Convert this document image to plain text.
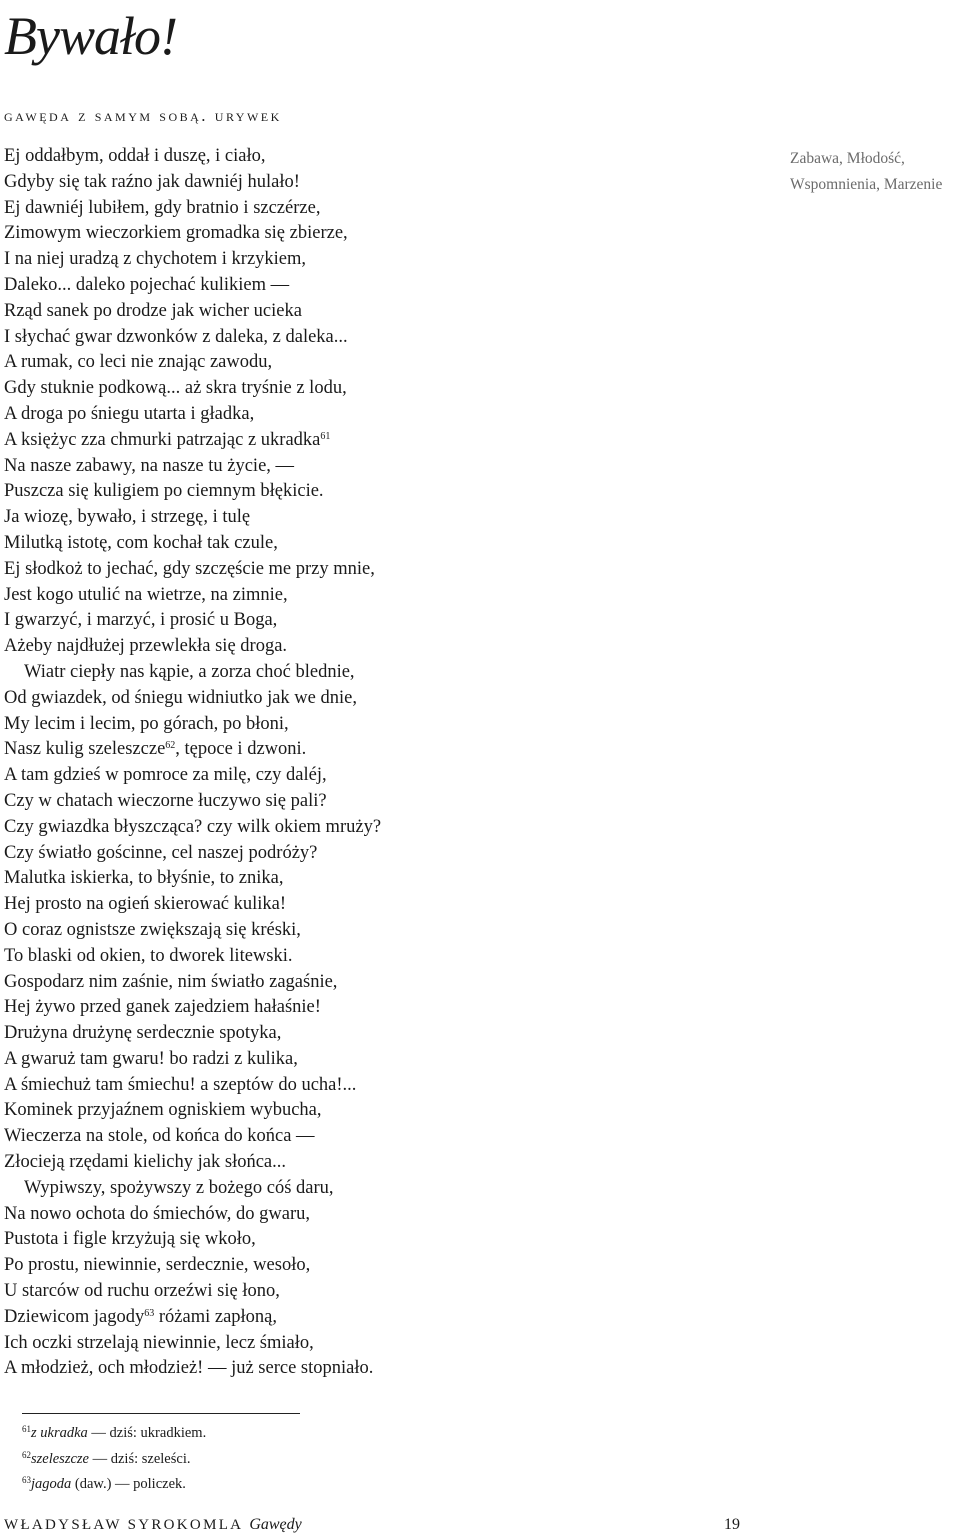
Bywało!
gawęda z samym sobą. urywek
Zabawa, Młodość,
Wspomnienia, Marzenie
Ej oddałbym, oddał i duszę, i ciało,
Gdyby się tak raźno jak dawniéj hulało!
Ej dawniéj lubiłem, gdy bratnio i szczérze,
Zimowym wieczorkiem gromadka się zbierze,
I na niej uradzą z chychotem i krzykiem,
Daleko... daleko pojechać kulikiem —
Rząd sanek po drodze jak wicher ucieka
I słychać gwar dzwonków z daleka, z daleka...
A rumak, co leci nie znając zawodu,
Gdy stuknie podkową... aż skra tryśnie z lodu,
A droga po śniegu utarta i gładka,
A księżyc zza chmurki patrzając z ukradka$^{61}$
Na nasze zabawy, na nasze tu życie, —
Puszcza się kuligiem po ciemnym błękicie.
Ja wiozę, bywało, i strzegę, i tulę
Milutką istotę, com kochał tak czule,
Ej słodkoż to jechać, gdy szczęście me przy mnie,
Jest kogo utulić na wietrze, na zimnie,
I gwarzyć, i marzyć, i prosić u Boga,
Ażeby najdłużej przewlekła się droga.
Wiatr ciepły nas kąpie, a zorza choć blednie,
Od gwiazdek, od śniegu widniutko jak we dnie,
My lecim i lecim, po górach, po błoni,
Nasz kulig szeleszcze$^{62}$, tępoce i dzwoni.
A tam gdzieś w pomroce za milę, czy daléj,
Czy w chatach wieczorne łuczywo się pali?
Czy gwiazdka błyszcząca? czy wilk okiem mruży?
Czy światło gościnne, cel naszej podróży?
Malutka iskierka, to błyśnie, to znika,
Hej prosto na ogień skierować kulika!
O coraz ognistsze zwiększają się kréski,
To blaski od okien, to dworek litewski.
Gospodarz nim zaśnie, nim światło zagaśnie,
Hej żywo przed ganek zajedziem hałaśnie!
Drużyna drużynę serdecznie spotyka,
A gwaruż tam gwaru! bo radzi z kulika,
A śmiechuż tam śmiechu! a szeptów do ucha!...
Kominek przyjaźnem ogniskiem wybucha,
Wieczerza na stole, od końca do końca —
Złocieją rzędami kielichy jak słońca...
Wypiwszy, spożywszy z bożego cóś daru,
Na nowo ochota do śmiechów, do gwaru,
Pustota i figle krzyżują się wkoło,
Po prostu, niewinnie, serdecznie, wesoło,
U starców od ruchu orzeźwi się łono,
Dziewicom jagody$^{63}$ różami zapłoną,
Ich oczki strzelają niewinnie, lecz śmiało,
A młodzież, och młodzież! — już serce stopniało.
$^{61}$z ukradka — dziś: ukradkiem.
$^{62}$szeleszcze — dziś: szeleści.
$^{63}$jagoda (daw.) — policzek.
WŁADYSŁAW SYROKOMLA Gawędy	19
